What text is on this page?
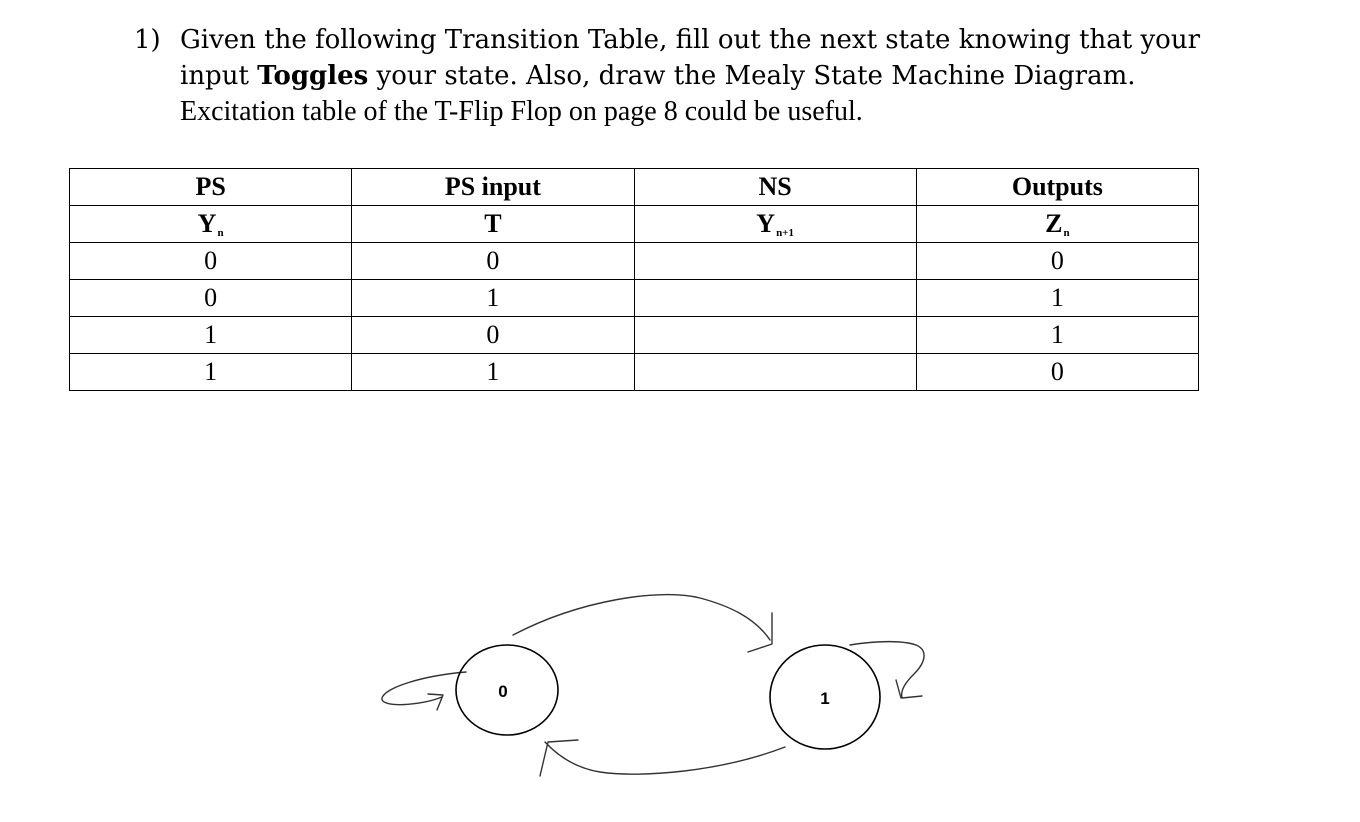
1) Given the following Transition Table, fill out the next state knowing that your
input Toggles your state. Also, draw the Mealy State Machine Diagram.
Excitation table of the T-Flip Flop on page 8 could be useful.
PS	PS input	NS	Outputs
$Y_n$	T	$Y_{n+1}$	$Z_n$
0	0		0
0	1		1
1	0		1
1	1		0
0	1
